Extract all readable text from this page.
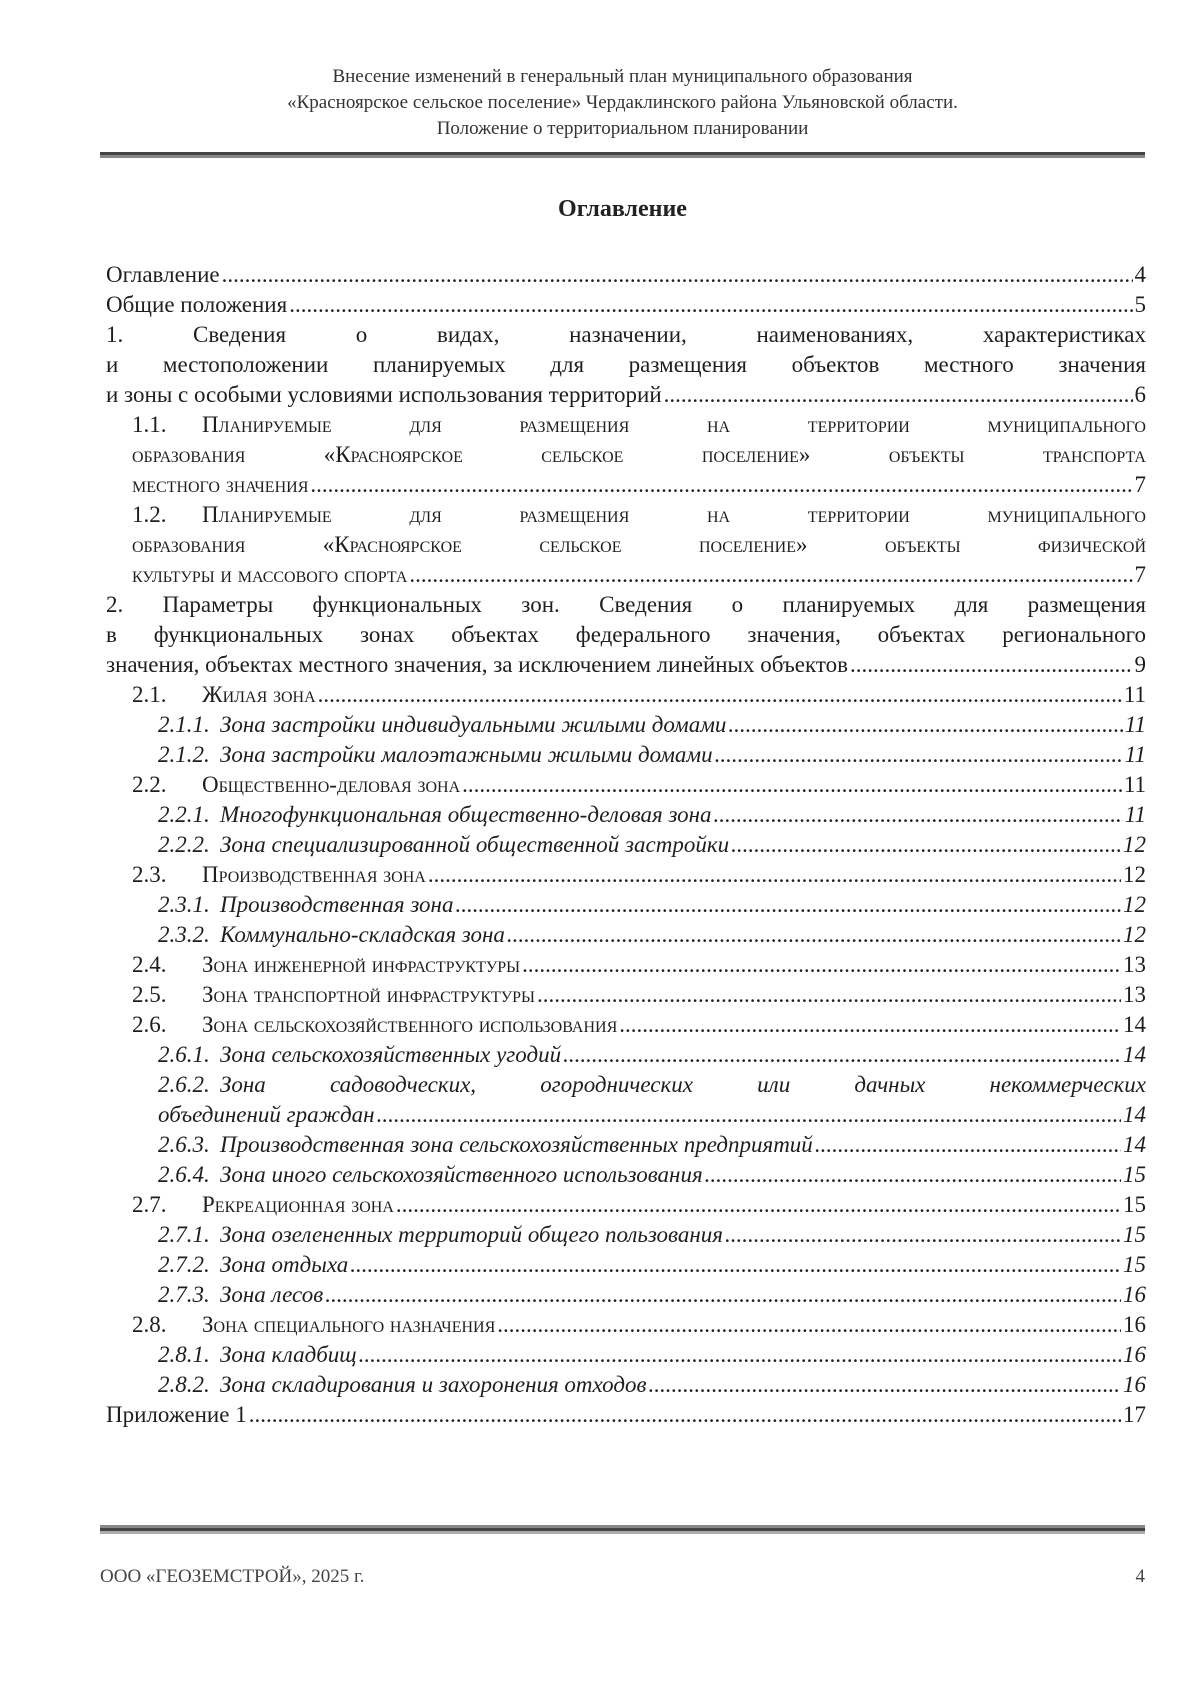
Внесение изменений в генеральный план муниципального образования
«Красноярское сельское поселение» Чердаклинского района Ульяновской области.
Положение о территориальном планировании
Оглавление
Оглавление .....	4
Общие положения .....	5
1. Сведения о видах, назначении, наименованиях, характеристиках
и местоположении планируемых для размещения объектов местного значения
и зоны с особыми условиями использования территорий .....	6
1.1. Планируемые для размещения на территории муниципального
образования «Красноярское сельское поселение» объекты транспорта
местного значения .....	7
1.2. Планируемые для размещения на территории муниципального
образования «Красноярское сельское поселение» объекты физической
культуры и массового спорта .....	7
2. Параметры функциональных зон. Сведения о планируемых для размещения
в функциональных зонах объектах федерального значения, объектах регионального
значения, объектах местного значения, за исключением линейных объектов .....	9
2.1.	Жилая зона .....	11
2.1.1. Зона застройки индивидуальными жилыми домами .....	11
2.1.2. Зона застройки малоэтажными жилыми домами .....	11
2.2.	Общественно-деловая зона .....	11
2.2.1. Многофункциональная общественно-деловая зона .....	11
2.2.2. Зона специализированной общественной застройки .....	12
2.3.	Производственная зона .....	12
2.3.1. Производственная зона .....	12
2.3.2. Коммунально-складская зона .....	12
2.4.	Зона инженерной инфраструктуры .....	13
2.5.	Зона транспортной инфраструктуры .....	13
2.6.	Зона сельскохозяйственного использования .....	14
2.6.1. Зона сельскохозяйственных угодий .....	14
2.6.2. Зона садоводческих, огороднических или дачных некоммерческих
объединений граждан .....	14
2.6.3. Производственная зона сельскохозяйственных предприятий .....	14
2.6.4. Зона иного сельскохозяйственного использования .....	15
2.7.	Рекреационная зона .....	15
2.7.1. Зона озелененных территорий общего пользования .....	15
2.7.2. Зона отдыха .....	15
2.7.3. Зона лесов .....	16
2.8.	Зона специального назначения .....	16
2.8.1. Зона кладбищ .....	16
2.8.2. Зона складирования и захоронения отходов .....	16
Приложение 1 .....	17
ООО «ГЕОЗЕМСТРОЙ», 2025 г.	4
